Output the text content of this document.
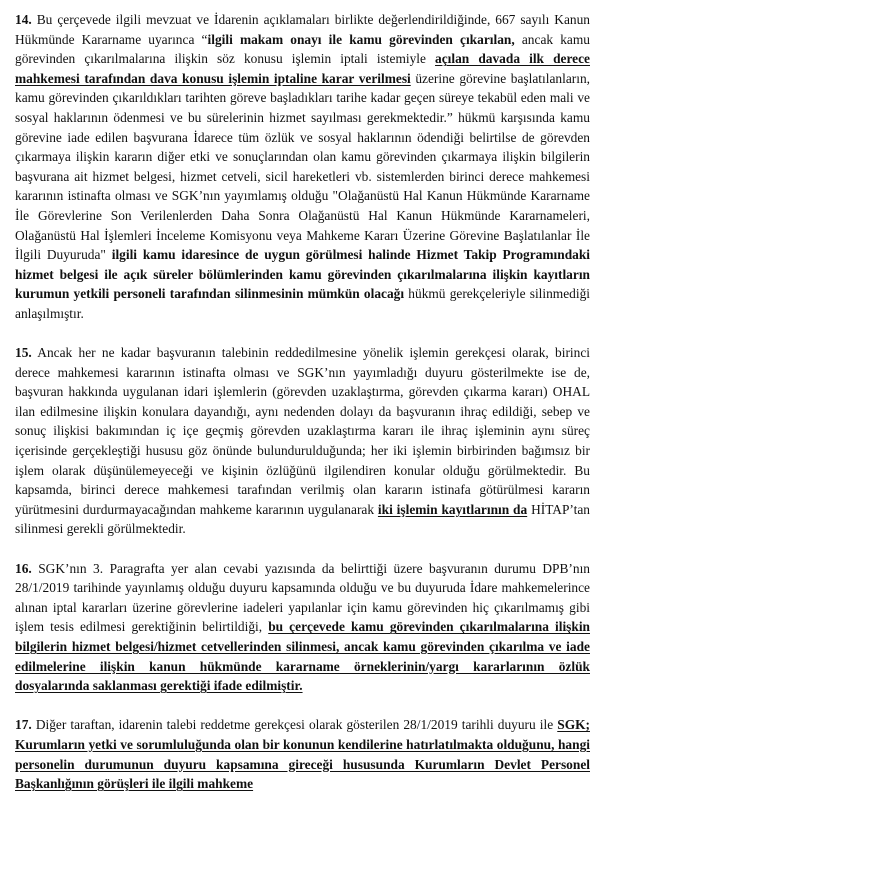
14. Bu çerçevede ilgili mevzuat ve İdarenin açıklamaları birlikte değerlendirildiğinde, 667 sayılı Kanun Hükmünde Kararname uyarınca “ilgili makam onayı ile kamu görevinden çıkarılan, ancak kamu görevinden çıkarılmalarına ilişkin söz konusu işlemin iptali istemiyle açılan davada ilk derece mahkemesi tarafından dava konusu işlemin iptaline karar verilmesi üzerine görevine başlatılanların, kamu görevinden çıkarıldıkları tarihten göreve başladıkları tarihe kadar geçen süreye tekabül eden mali ve sosyal haklarının ödenmesi ve bu sürelerinin hizmet sayılması gerekmektedir.” hükmü karşısında kamu görevine iade edilen başvurana İdarece tüm özlük ve sosyal haklarının ödendiği belirtilse de görevden çıkarmaya ilişkin kararın diğer etki ve sonuçlarından olan kamu görevinden çıkarmaya ilişkin bilgilerin başvurana ait hizmet belgesi, hizmet cetveli, sicil hareketleri vb. sistemlerden birinci derece mahkemesi kararının istinafta olması ve SGK’nın yayımlamış olduğu "Olağanüstü Hal Kanun Hükmünde Kararname İle Görevlerine Son Verilenlerden Daha Sonra Olağanüstü Hal Kanun Hükmünde Kararnameleri, Olağanüstü Hal İşlemleri İnceleme Komisyonu veya Mahkeme Kararı Üzerine Görevine Başlatılanlar İle İlgili Duyuruda" ilgili kamu idaresince de uygun görülmesi halinde Hizmet Takip Programındaki hizmet belgesi ile açık süreler bölümlerinden kamu görevinden çıkarılmalarına ilişkin kayıtların kurumun yetkili personeli tarafından silinmesinin mümkün olacağı hükmü gerekçeleriyle silinmediği anlaşılmıştır.

15. Ancak her ne kadar başvuranın talebinin reddedilmesine yönelik işlemin gerekçesi olarak, birinci derece mahkemesi kararının istinafta olması ve SGK’nın yayımladığı duyuru gösterilmekte ise de, başvuran hakkında uygulanan idari işlemlerin (görevden uzaklaştırma, görevden çıkarma kararı) OHAL ilan edilmesine ilişkin konulara dayandığı, aynı nedenden dolayı da başvuranın ihraç edildiği, sebep ve sonuç ilişkisi bakımından iç içe geçmiş görevden uzaklaştırma kararı ile ihraç işleminin aynı süreç içerisinde gerçekleştiği hususu göz önünde bulundurulduğunda; her iki işlemin birbirinden bağımsız bir işlem olarak düşünülemeyeceği ve kişinin özlüğünü ilgilendiren konular olduğu görülmektedir. Bu kapsamda, birinci derece mahkemesi tarafından verilmiş olan kararın istinafa götürülmesi kararın yürütmesini durdurmayacağından mahkeme kararının uygulanarak iki işlemin kayıtlarının da HİTAP’tan silinmesi gerekli görülmektedir.

16. SGK’nın 3. Paragrafta yer alan cevabi yazısında da belirttiği üzere başvuranın durumu DPB’nın 28/1/2019 tarihinde yayınlamış olduğu duyuru kapsamında olduğu ve bu duyuruda İdare mahkemelerince alınan iptal kararları üzerine görevlerine iadeleri yapılanlar için kamu görevinden hiç çıkarılmamış gibi işlem tesis edilmesi gerektiğinin belirtildiği, bu çerçevede kamu görevinden çıkarılmalarına ilişkin bilgilerin hizmet belgesi/hizmet cetvellerinden silinmesi, ancak kamu görevinden çıkarılma ve iade edilmelerine ilişkin kanun hükmünde kararname örneklerinin/yargı kararlarının özlük dosyalarında saklanması gerektiği ifade edilmiştir.

17. Diğer taraftan, idarenin talebi reddetme gerekçesi olarak gösterilen 28/1/2019 tarihli duyuru ile SGK; Kurumların yetki ve sorumluluğunda olan bir konunun kendilerine hatırlatılmakta olduğunu, hangi personelin durumunun duyuru kapsamına gireceği hususunda Kurumların Devlet Personel Başkanlığının görüşleri ile ilgili mahkeme
